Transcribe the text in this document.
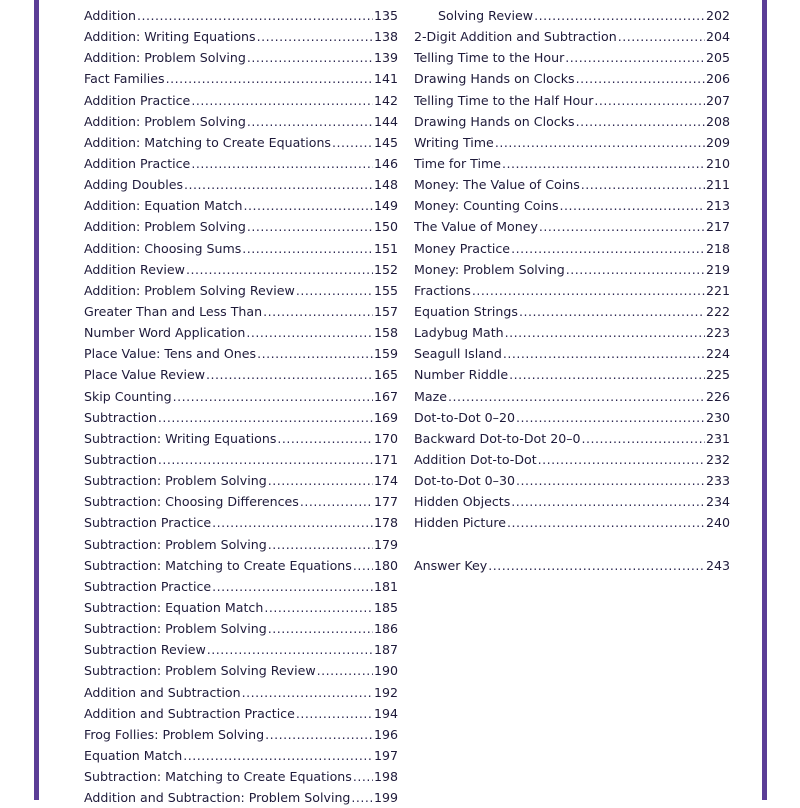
Addition .....	135
Addition: Writing Equations .....	138
Addition: Problem Solving .....	139
Fact Families .....	141
Addition Practice .....	142
Addition: Problem Solving .....	144
Addition: Matching to Create Equations .....	145
Addition Practice .....	146
Adding Doubles .....	148
Addition: Equation Match .....	149
Addition: Problem Solving .....	150
Addition: Choosing Sums .....	151
Addition Review .....	152
Addition: Problem Solving Review .....	155
Greater Than and Less Than .....	157
Number Word Application .....	158
Place Value: Tens and Ones .....	159
Place Value Review .....	165
Skip Counting .....	167
Subtraction .....	169
Subtraction: Writing Equations .....	170
Subtraction .....	171
Subtraction: Problem Solving .....	174
Subtraction: Choosing Differences .....	177
Subtraction Practice .....	178
Subtraction: Problem Solving .....	179
Subtraction: Matching to Create Equations ..... 180
Subtraction Practice .....	181
Subtraction: Equation Match .....	185
Subtraction: Problem Solving .....	186
Subtraction Review .....	187
Subtraction: Problem Solving Review .....	190
Addition and Subtraction .....	192
Addition and Subtraction Practice .....	194
Frog Follies: Problem Solving .....	196
Equation Match .....	197
Subtraction: Matching to Create Equations ..... 198
Addition and Subtraction: Problem Solving ..... 199
Solving Review .....	202
2-Digit Addition and Subtraction .....	204
Telling Time to the Hour .....	205
Drawing Hands on Clocks .....	206
Telling Time to the Half Hour .....	207
Drawing Hands on Clocks .....	208
Writing Time .....	209
Time for Time .....	210
Money: The Value of Coins .....	211
Money: Counting Coins .....	213
The Value of Money .....	217
Money Practice .....	218
Money: Problem Solving .....	219
Fractions .....	221
Equation Strings .....	222
Ladybug Math .....	223
Seagull Island .....	224
Number Riddle .....	225
Maze .....	226
Dot-to-Dot 0–20 .....	230
Backward Dot-to-Dot 20–0 .....	231
Addition Dot-to-Dot .....	232
Dot-to-Dot 0–30 .....	233
Hidden Objects .....	234
Hidden Picture .....	240
Answer Key .....	243
